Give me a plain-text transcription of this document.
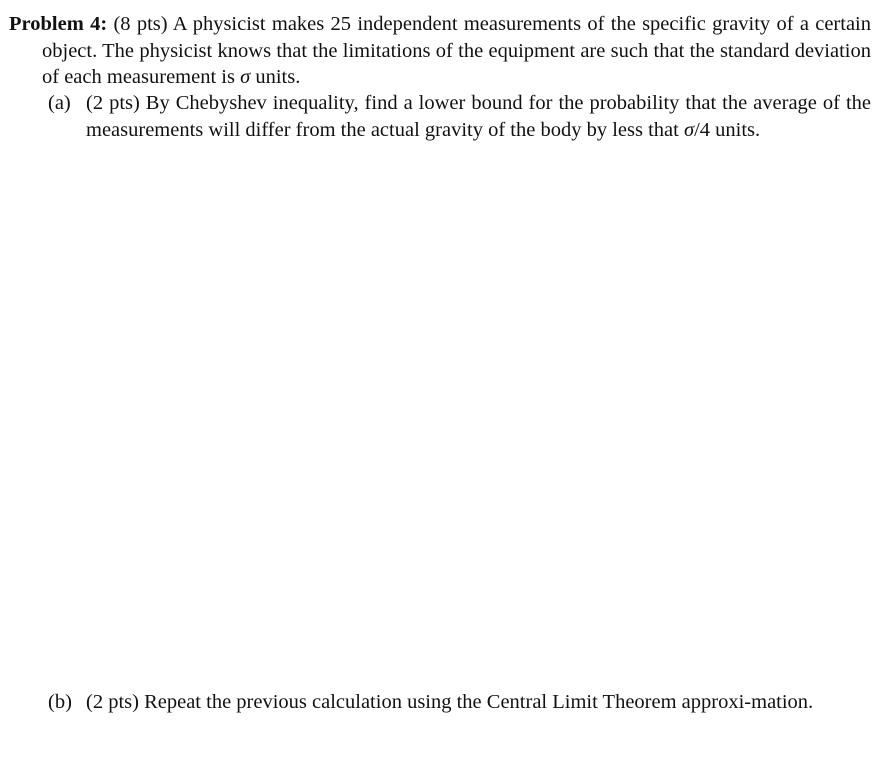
Problem 4: (8 pts) A physicist makes 25 independent measurements of the specific gravity of a certain object. The physicist knows that the limitations of the equipment are such that the standard deviation of each measurement is σ units.
(a) (2 pts) By Chebyshev inequality, find a lower bound for the probability that the average of the measurements will differ from the actual gravity of the body by less that σ/4 units.
(b) (2 pts) Repeat the previous calculation using the Central Limit Theorem approxi-mation.
